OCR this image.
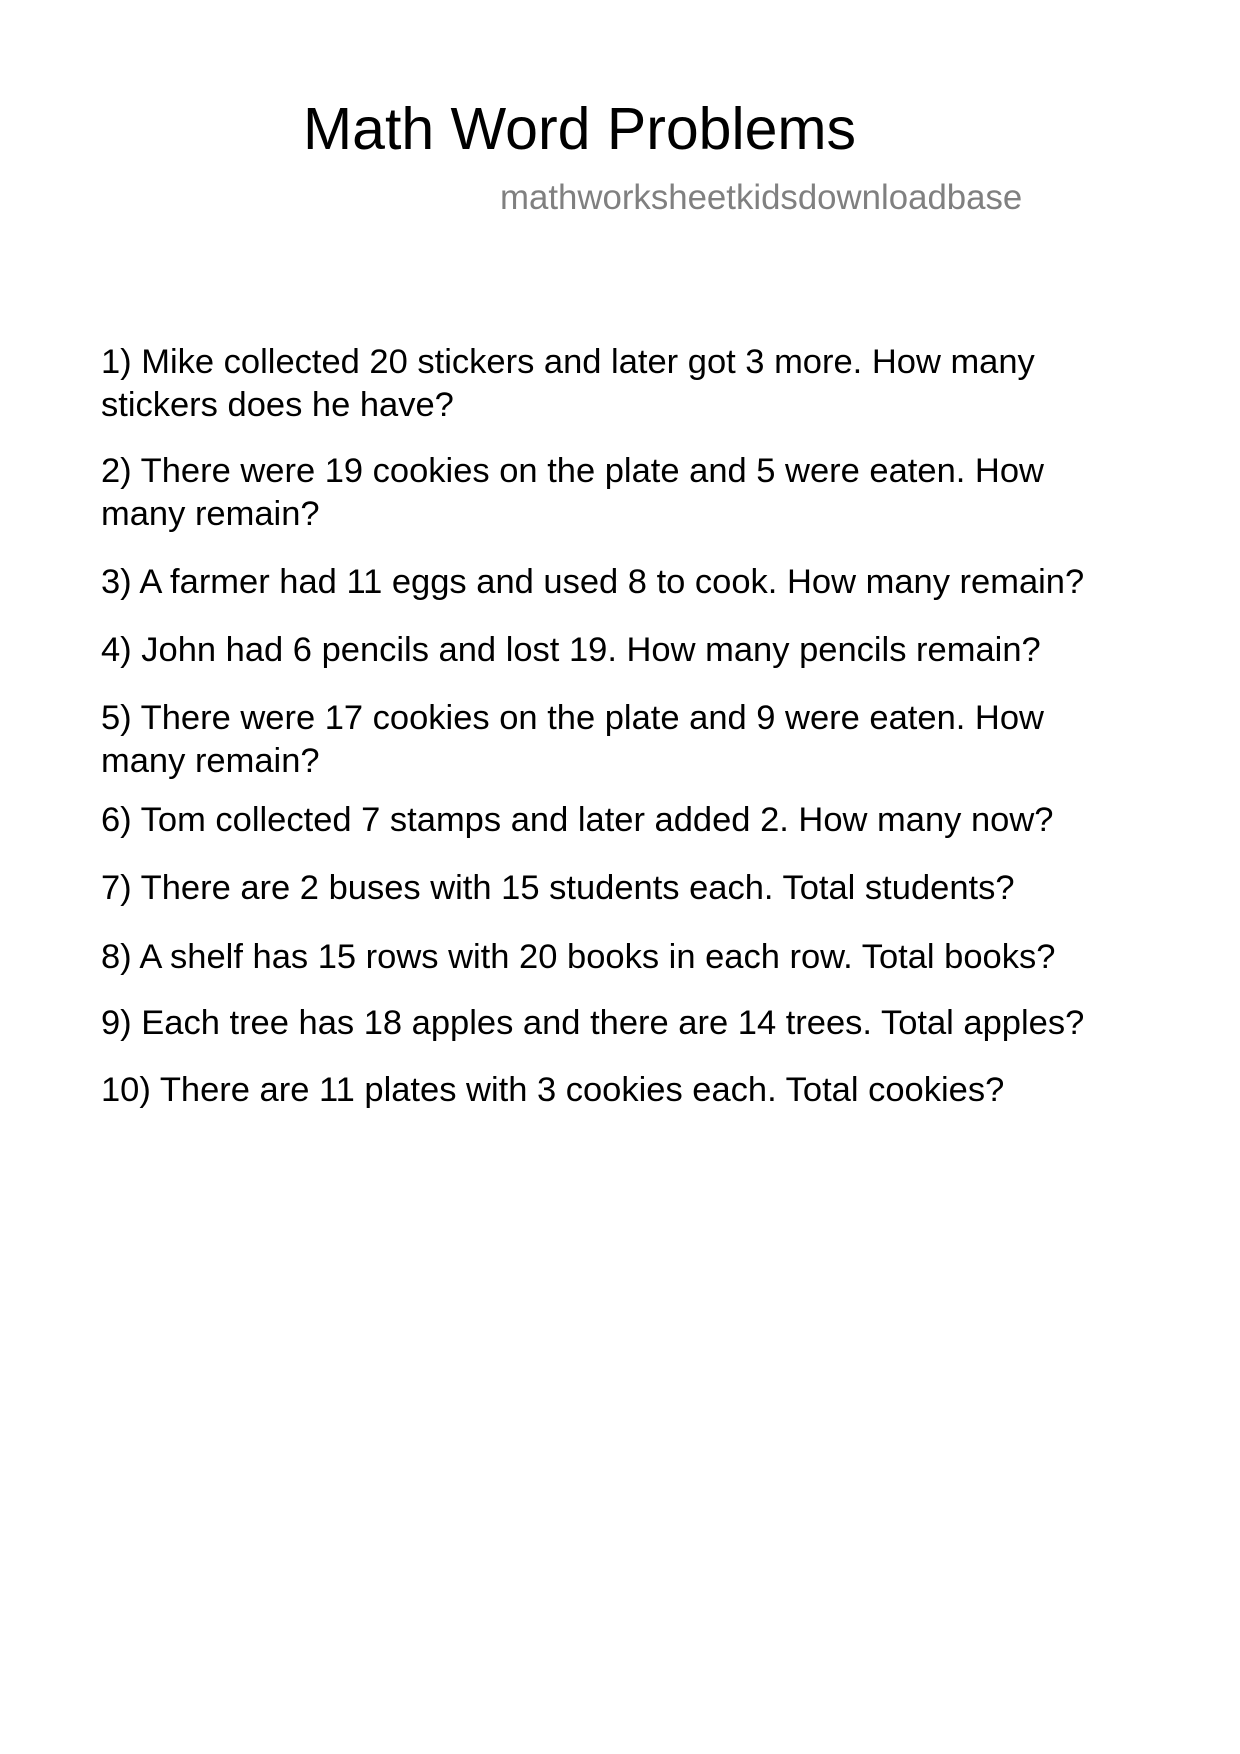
Math Word Problems
mathworksheetkidsdownloadbase
1) Mike collected 20 stickers and later got 3 more. How many stickers does he have?
2) There were 19 cookies on the plate and 5 were eaten. How many remain?
3) A farmer had 11 eggs and used 8 to cook. How many remain?
4) John had 6 pencils and lost 19. How many pencils remain?
5) There were 17 cookies on the plate and 9 were eaten. How many remain?
6) Tom collected 7 stamps and later added 2. How many now?
7) There are 2 buses with 15 students each. Total students?
8) A shelf has 15 rows with 20 books in each row. Total books?
9) Each tree has 18 apples and there are 14 trees. Total apples?
10) There are 11 plates with 3 cookies each. Total cookies?
